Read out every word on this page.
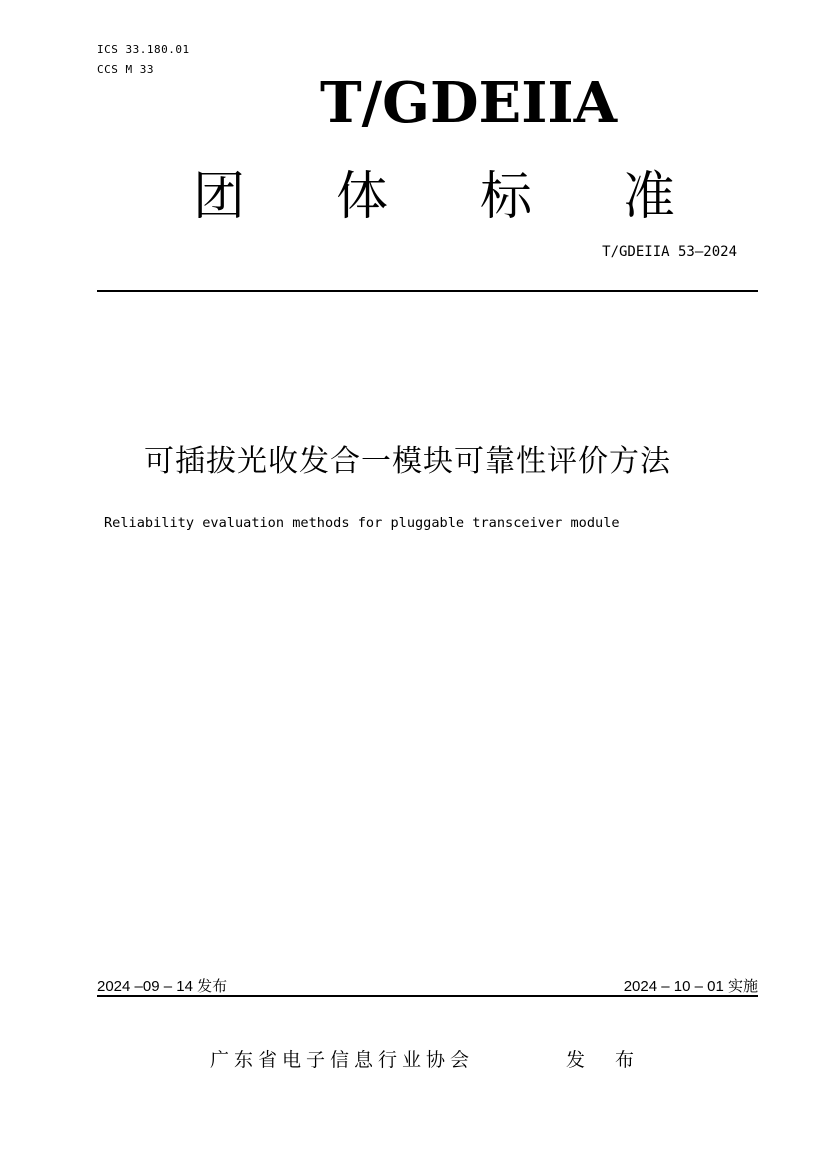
ICS 33.180.01
CCS M 33
T/GDEIIA
团 体 标 准
T/GDEIIA 53—2024
可插拔光收发合一模块可靠性评价方法
Reliability evaluation methods for pluggable transceiver module
2024 –09 – 14 发布	2024 – 10 – 01 实施
广东省电子信息行业协会	发 布
